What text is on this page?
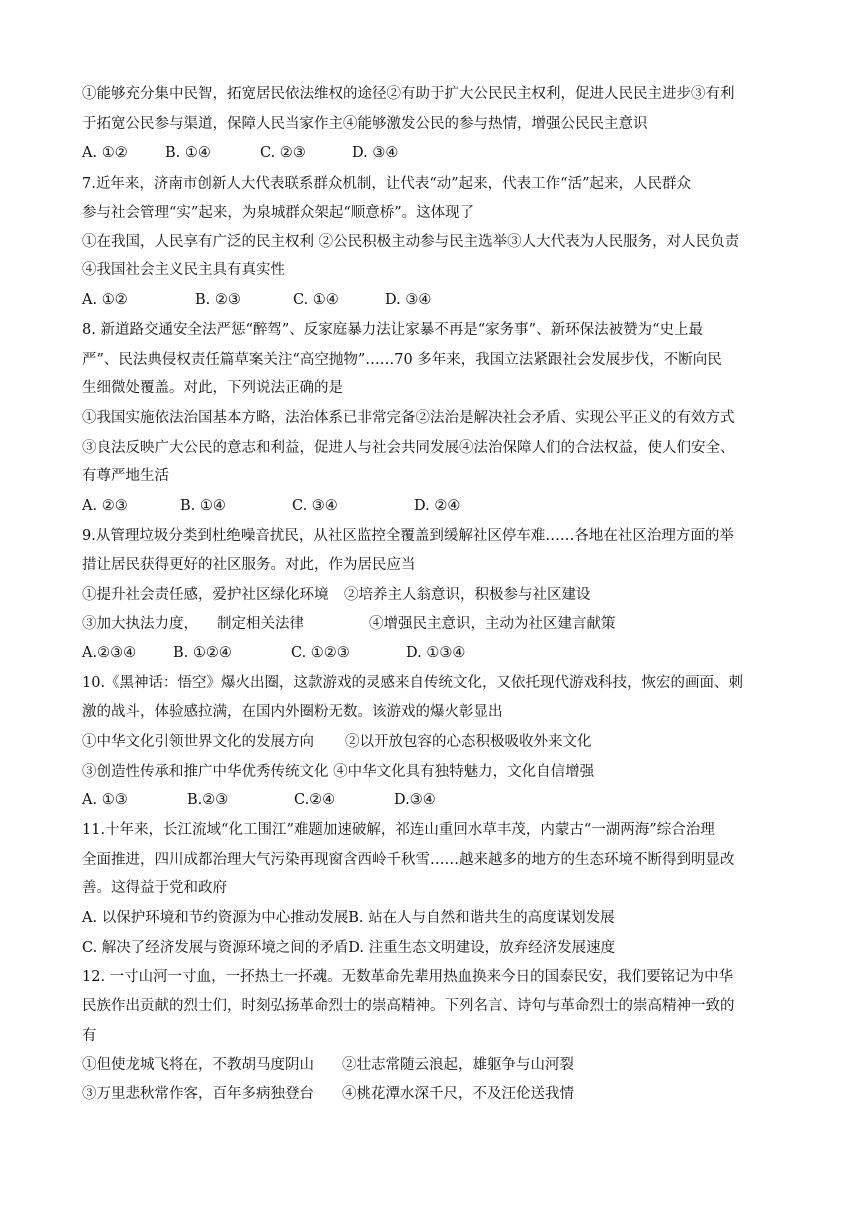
①能够充分集中民智，拓宽居民依法维权的途径②有助于扩大公民民主权利，促进人民民主进步③有利
于拓宽公民参与渠道，保障人民当家作主④能够激发公民的参与热情，增强公民民主意识
A. ①②	B. ①④	C. ②③	D. ③④
7.近年来，济南市创新人大代表联系群众机制，让代表“动”起来，代表工作“活”起来，人民群众
参与社会管理“实”起来，为泉城群众架起“顺意桥”。这体现了
①在我国，人民享有广泛的民主权利 ②公民积极主动参与民主选举③人大代表为人民服务，对人民负责
④我国社会主义民主具有真实性
A. ①②	B. ②③	C. ①④	D. ③④
8. 新道路交通安全法严惩“醉驾”、反家庭暴力法让家暴不再是“家务事”、新环保法被赞为“史上最
严”、民法典侵权责任篇草案关注“高空抛物”……70 多年来，我国立法紧跟社会发展步伐，不断向民
生细微处覆盖。对此，下列说法正确的是
①我国实施依法治国基本方略，法治体系已非常完备②法治是解决社会矛盾、实现公平正义的有效方式
③良法反映广大公民的意志和利益，促进人与社会共同发展④法治保障人们的合法权益，使人们安全、
有尊严地生活
A. ②③	B. ①④	C. ③④	D. ②④
9.从管理垃圾分类到杜绝噪音扰民，从社区监控全覆盖到缓解社区停车难……各地在社区治理方面的举
措让居民获得更好的社区服务。对此，作为居民应当
①提升社会责任感，爱护社区绿化环境 ②培养主人翁意识，积极参与社区建设
③加大执法力度， 制定相关法律	④增强民主意识，主动为社区建言献策
A.②③④	B. ①②④	C. ①②③	D. ①③④
10.《黑神话：悟空》爆火出圈，这款游戏的灵感来自传统文化，又依托现代游戏科技，恢宏的画面、刺
激的战斗，体验感拉满，在国内外圈粉无数。该游戏的爆火彰显出
①中华文化引领世界文化的发展方向 ②以开放包容的心态积极吸收外来文化
③创造性传承和推广中华优秀传统文化 ④中华文化具有独特魅力，文化自信增强
A. ①③	B.②③	C.②④	D.③④
11.十年来，长江流域“化工围江”难题加速破解，祁连山重回水草丰茂，内蒙古“一湖两海”综合治理
全面推进，四川成都治理大气污染再现窗含西岭千秋雪……越来越多的地方的生态环境不断得到明显改
善。这得益于党和政府
A. 以保护环境和节约资源为中心推动发展B. 站在人与自然和谐共生的高度谋划发展
C. 解决了经济发展与资源环境之间的矛盾D. 注重生态文明建设，放弃经济发展速度
12. 一寸山河一寸血，一抔热土一抔魂。无数革命先辈用热血换来今日的国泰民安，我们要铭记为中华
民族作出贡献的烈士们，时刻弘扬革命烈士的崇高精神。下列名言、诗句与革命烈士的崇高精神一致的
有
①但使龙城飞将在，不教胡马度阴山 ②壮志常随云浪起，雄躯争与山河裂
③万里悲秋常作客，百年多病独登台 ④桃花潭水深千尺，不及汪伦送我情
